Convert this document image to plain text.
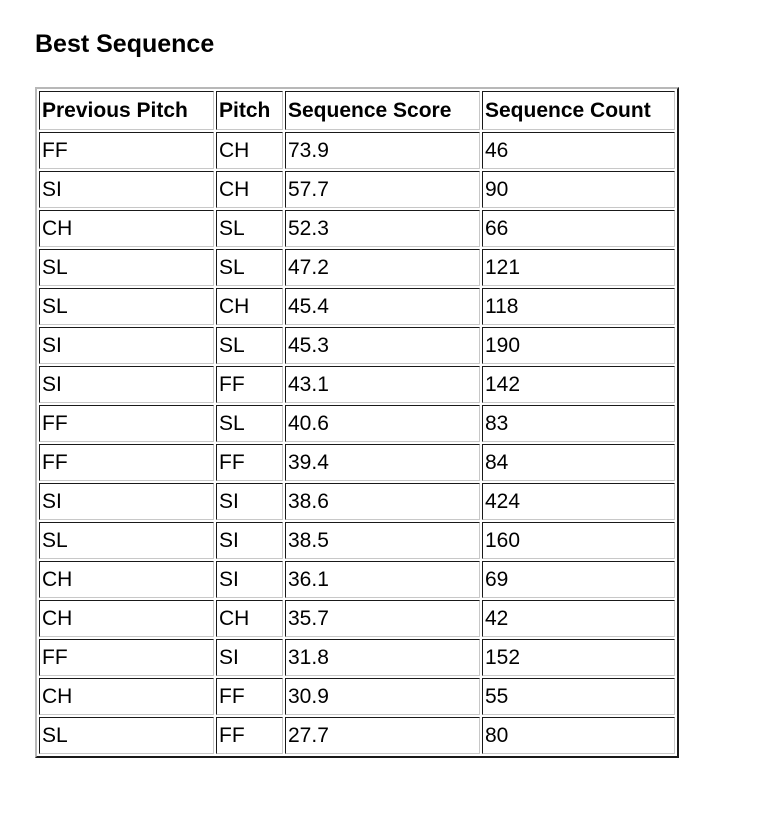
Best Sequence
Previous Pitch	Pitch	Sequence Score	Sequence Count
FF	CH	73.9	46
SI	CH	57.7	90
CH	SL	52.3	66
SL	SL	47.2	121
SL	CH	45.4	118
SI	SL	45.3	190
SI	FF	43.1	142
FF	SL	40.6	83
FF	FF	39.4	84
SI	SI	38.6	424
SL	SI	38.5	160
CH	SI	36.1	69
CH	CH	35.7	42
FF	SI	31.8	152
CH	FF	30.9	55
SL	FF	27.7	80
